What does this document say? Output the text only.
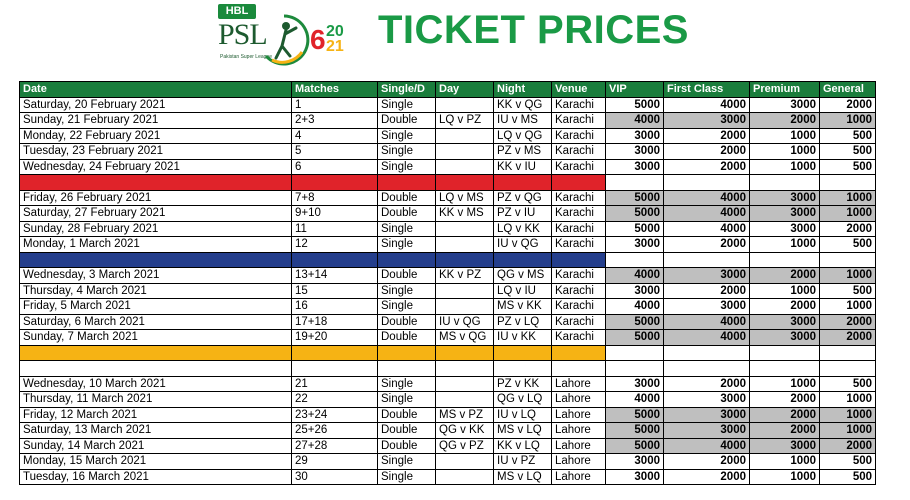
HBL
PSL
Pakistan Super League
6 20
21 TICKET PRICES
Date	Matches	Single/D	Day	Night	Venue	VIP	First Class	Premium	General
Saturday, 20 February 2021	1	Single		KK v QG	Karachi	5000	4000	3000	2000
Sunday, 21 February 2021	2+3	Double	LQ v PZ	IU v MS	Karachi	4000	3000	2000	1000
Monday, 22 February 2021	4	Single		LQ v QG	Karachi	3000	2000	1000	500
Tuesday, 23 February 2021	5	Single		PZ v MS	Karachi	3000	2000	1000	500
Wednesday, 24 February 2021	6	Single		KK v IU	Karachi	3000	2000	1000	500

Friday, 26 February 2021	7+8	Double	LQ v MS	PZ v QG	Karachi	5000	4000	3000	1000
Saturday, 27 February 2021	9+10	Double	KK v MS	PZ v IU	Karachi	5000	4000	3000	1000
Sunday, 28 February 2021	11	Single		LQ v KK	Karachi	5000	4000	3000	2000
Monday, 1 March 2021	12	Single		IU v QG	Karachi	3000	2000	1000	500

Wednesday, 3 March 2021	13+14	Double	KK v PZ	QG v MS	Karachi	4000	3000	2000	1000
Thursday, 4 March 2021	15	Single		LQ v IU	Karachi	3000	2000	1000	500
Friday, 5 March 2021	16	Single		MS v KK	Karachi	4000	3000	2000	1000
Saturday, 6 March 2021	17+18	Double	IU v QG	PZ v LQ	Karachi	5000	4000	3000	2000
Sunday, 7 March 2021	19+20	Double	MS v QG	IU v KK	Karachi	5000	4000	3000	2000

Wednesday, 10 March 2021	21	Single		PZ v KK	Lahore	3000	2000	1000	500
Thursday, 11 March 2021	22	Single		QG v LQ	Lahore	4000	3000	2000	1000
Friday, 12 March 2021	23+24	Double	MS v PZ	IU v LQ	Lahore	5000	3000	2000	1000
Saturday, 13 March 2021	25+26	Double	QG v KK	MS v LQ	Lahore	5000	3000	2000	1000
Sunday, 14 March 2021	27+28	Double	QG v PZ	KK v LQ	Lahore	5000	4000	3000	2000
Monday, 15 March 2021	29	Single		IU v PZ	Lahore	3000	2000	1000	500
Tuesday, 16 March 2021	30	Single		MS v LQ	Lahore	3000	2000	1000	500
